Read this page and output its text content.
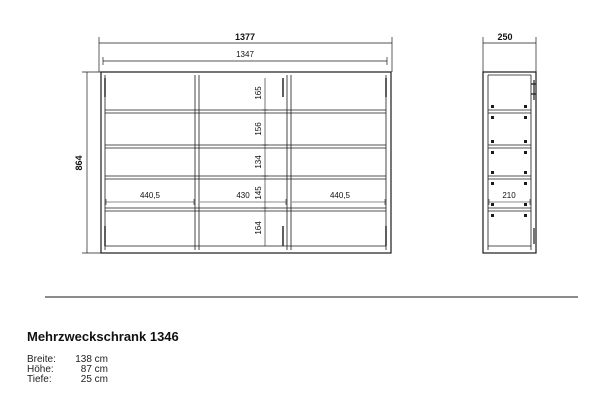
1377
1347
864
165
156
134
145
164
440,5	430	440,5
250
210
Mehrzweckschrank 1346
Breite:	138 cm
Höhe:	87 cm
Tiefe:	25 cm
